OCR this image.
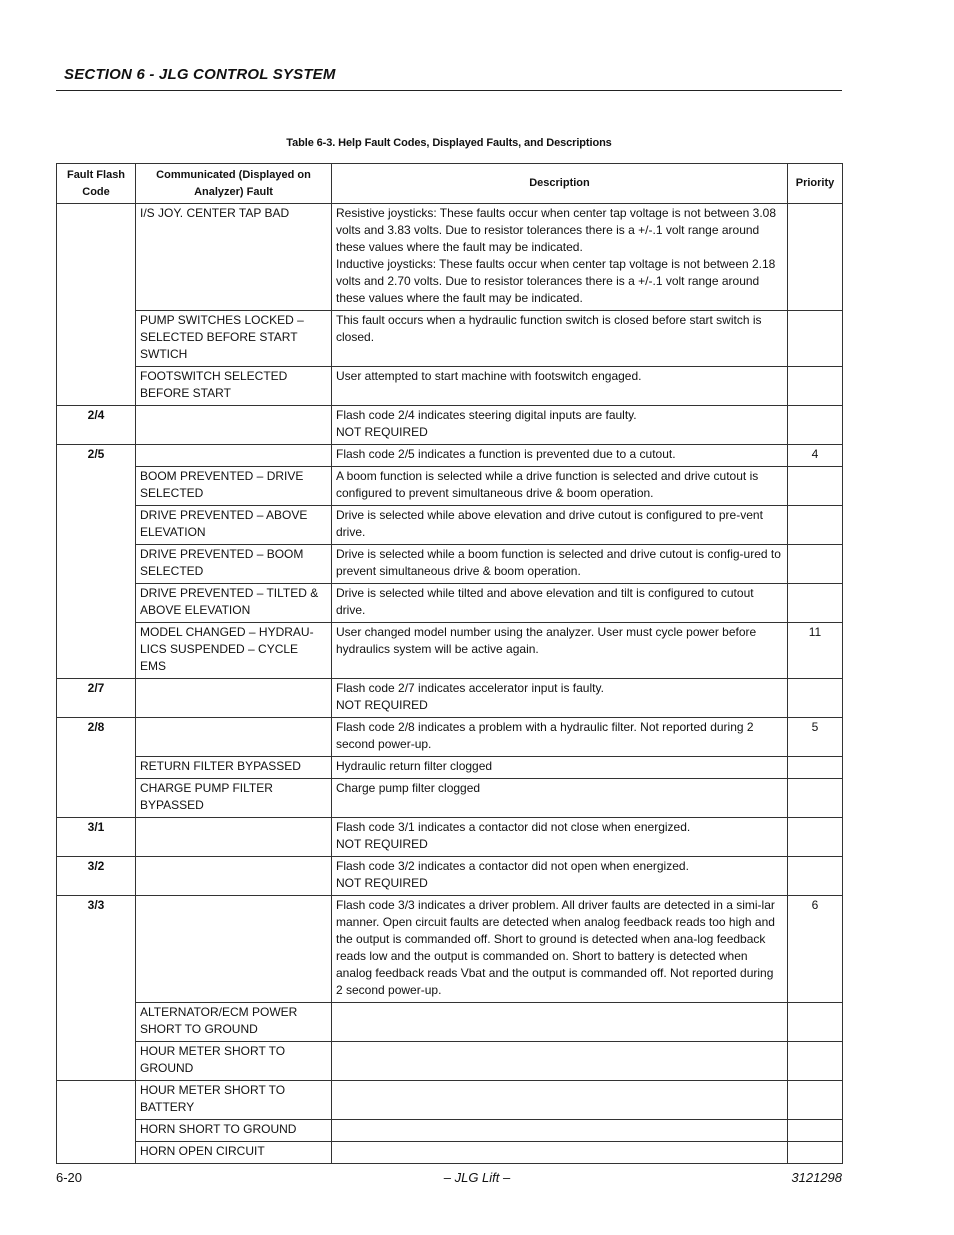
SECTION 6 - JLG CONTROL SYSTEM
Table 6-3. Help Fault Codes, Displayed Faults, and Descriptions
Fault Flash Code	Communicated (Displayed on Analyzer) Fault	Description	Priority
	I/S JOY. CENTER TAP BAD	Resistive joysticks: These faults occur when center tap voltage is not between 3.08 volts and 3.83 volts. Due to resistor tolerances there is a +/-.1 volt range around these values where the fault may be indicated.
Inductive joysticks: These faults occur when center tap voltage is not between 2.18 volts and 2.70 volts. Due to resistor tolerances there is a +/-.1 volt range around these values where the fault may be indicated.	

	PUMP SWITCHES LOCKED – SELECTED BEFORE START SWTICH	This fault occurs when a hydraulic function switch is closed before start switch is closed.	
	FOOTSWITCH SELECTED BEFORE START	User attempted to start machine with footswitch engaged.	
2/4		Flash code 2/4 indicates steering digital inputs are faulty.
NOT REQUIRED	

2/5		Flash code 2/5 indicates a function is prevented due to a cutout.	4
	BOOM PREVENTED – DRIVE SELECTED	A boom function is selected while a drive function is selected and drive cutout is configured to prevent simultaneous drive & boom operation.	
	DRIVE PREVENTED – ABOVE ELEVATION	Drive is selected while above elevation and drive cutout is configured to pre-vent drive.	
	DRIVE PREVENTED – BOOM SELECTED	Drive is selected while a boom function is selected and drive cutout is config-ured to prevent simultaneous drive & boom operation.	
	DRIVE PREVENTED – TILTED & ABOVE ELEVATION	Drive is selected while tilted and above elevation and tilt is configured to cutout drive.	
	MODEL CHANGED – HYDRAU-LICS SUSPENDED – CYCLE EMS	User changed model number using the analyzer. User must cycle power before hydraulics system will be active again.	11
2/7		Flash code 2/7 indicates accelerator input is faulty.
NOT REQUIRED	

2/8		Flash code 2/8 indicates a problem with a hydraulic filter. Not reported during 2 second power-up.	5
	RETURN FILTER BYPASSED	Hydraulic return filter clogged	
	CHARGE PUMP FILTER BYPASSED	Charge pump filter clogged	
3/1		Flash code 3/1 indicates a contactor did not close when energized.
NOT REQUIRED	

3/2		Flash code 3/2 indicates a contactor did not open when energized.
NOT REQUIRED	

3/3		Flash code 3/3 indicates a driver problem. All driver faults are detected in a simi-lar manner. Open circuit faults are detected when analog feedback reads too high and the output is commanded off. Short to ground is detected when ana-log feedback reads low and the output is commanded on. Short to battery is detected when analog feedback reads Vbat and the output is commanded off. Not reported during 2 second power-up.	6
	ALTERNATOR/ECM POWER SHORT TO GROUND		
	HOUR METER SHORT TO GROUND		
	HOUR METER SHORT TO BATTERY		
	HORN SHORT TO GROUND		
	HORN OPEN CIRCUIT		
6-20	– JLG Lift –	3121298
